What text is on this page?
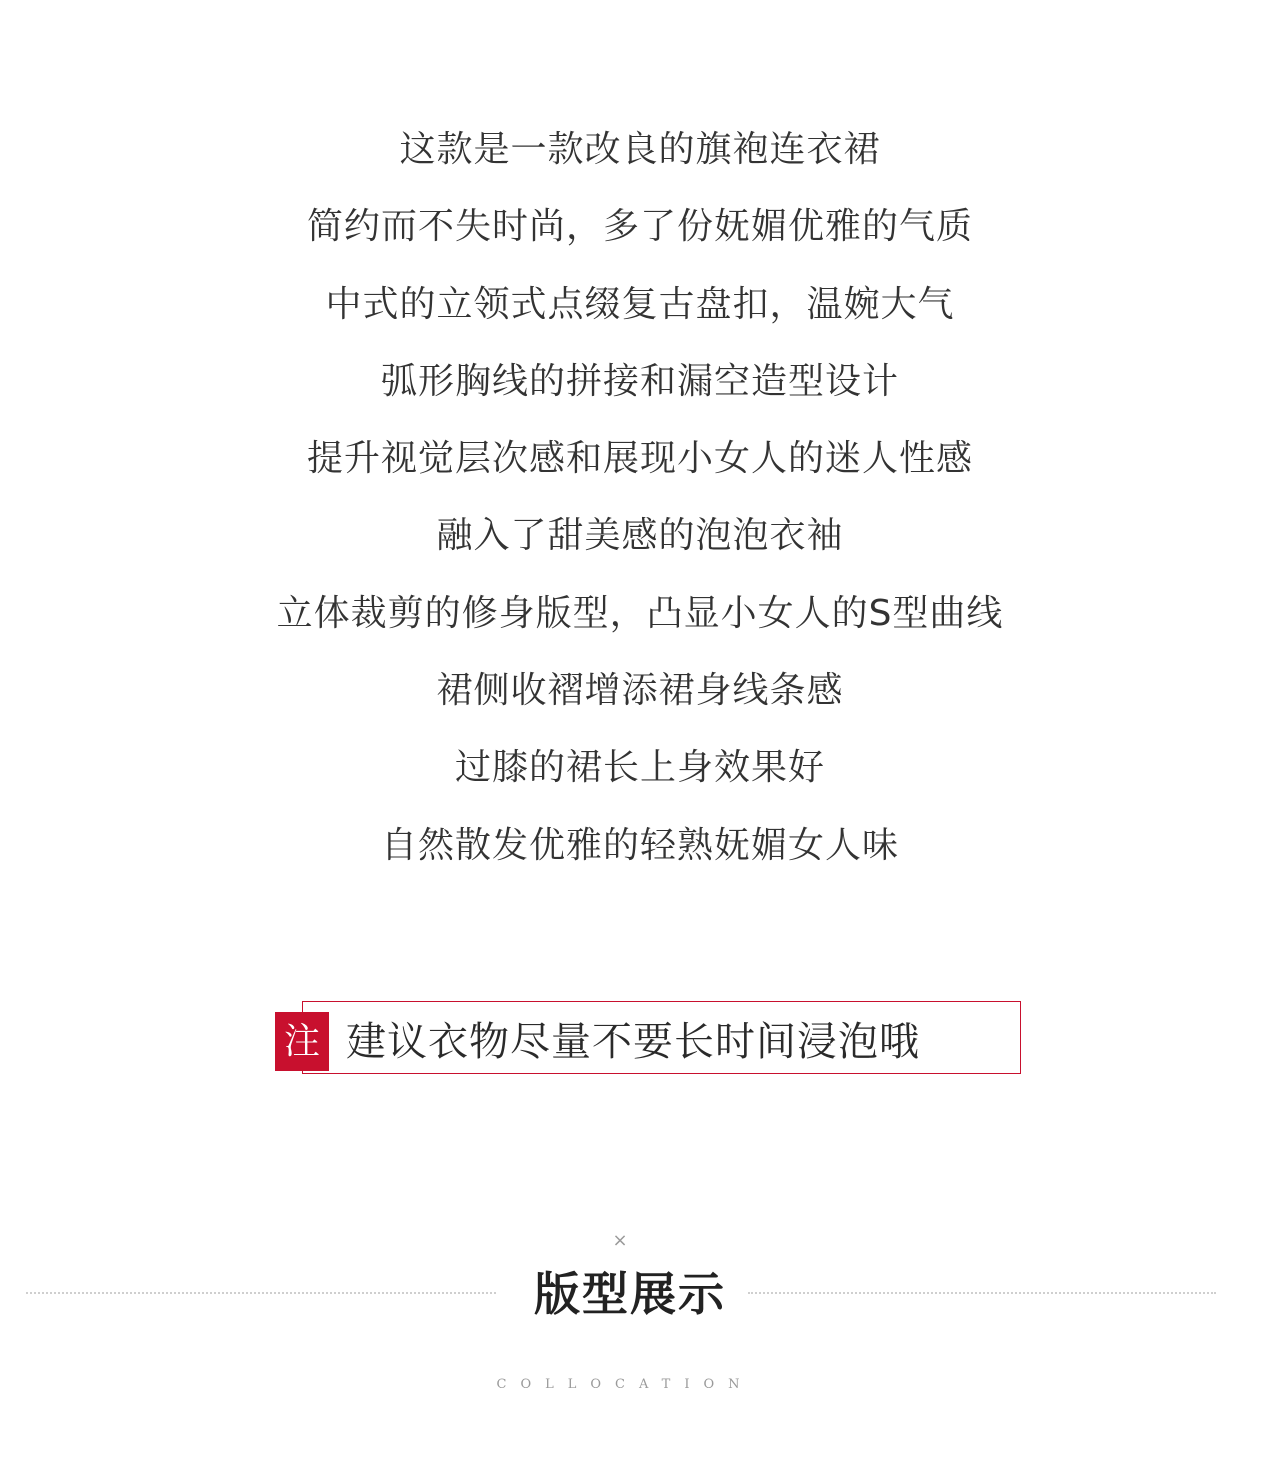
这款是一款改良的旗袍连衣裙
简约而不失时尚，多了份妩媚优雅的气质
中式的立领式点缀复古盘扣，温婉大气
弧形胸线的拼接和漏空造型设计
提升视觉层次感和展现小女人的迷人性感
融入了甜美感的泡泡衣袖
立体裁剪的修身版型，凸显小女人的S型曲线
裙侧收褶增添裙身线条感
过膝的裙长上身效果好
自然散发优雅的轻熟妩媚女人味
注 建议衣物尽量不要长时间浸泡哦
×
版型展示
COLLOCATION
